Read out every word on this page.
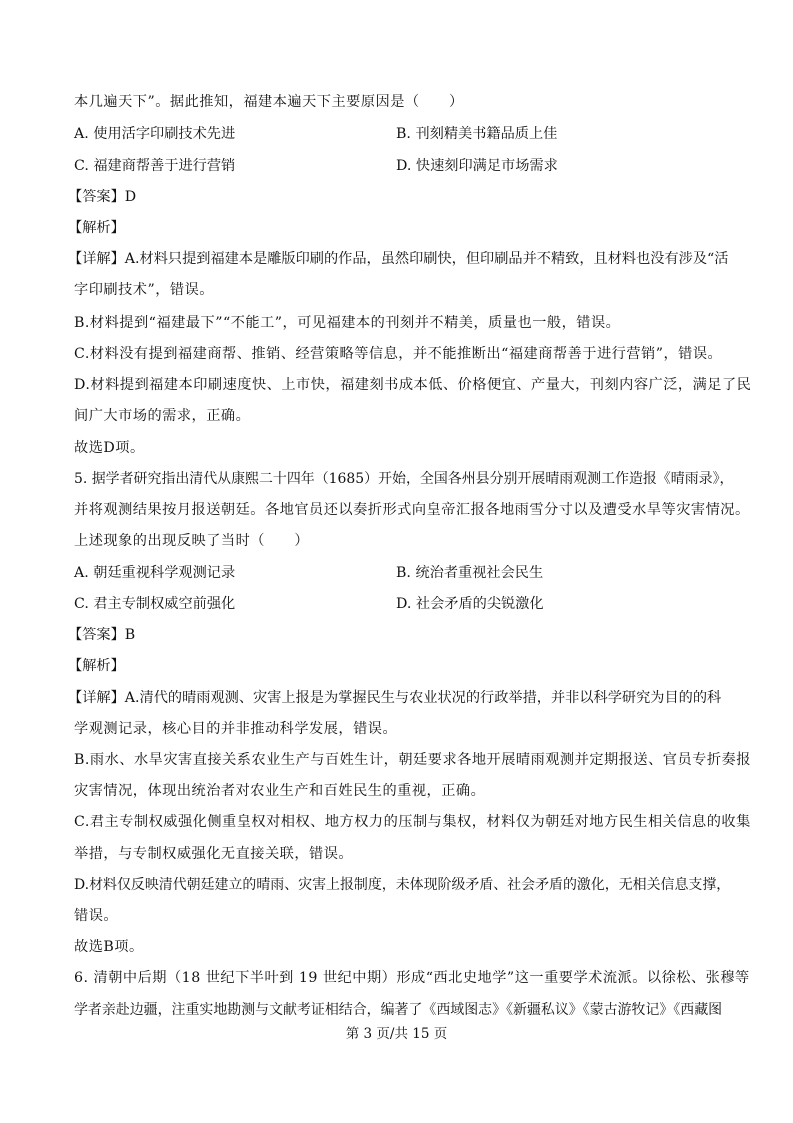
本几遍天下”。据此推知，福建本遍天下主要原因是（　　）
A. 使用活字印刷技术先进	B. 刊刻精美书籍品质上佳
C. 福建商帮善于进行营销	D. 快速刻印满足市场需求
【答案】D
【解析】
【详解】A.材料只提到福建本是雕版印刷的作品，虽然印刷快，但印刷品并不精致，且材料也没有涉及“活
字印刷技术”，错误。
B.材料提到“福建最下”“不能工”，可见福建本的刊刻并不精美，质量也一般，错误。
C.材料没有提到福建商帮、推销、经营策略等信息，并不能推断出“福建商帮善于进行营销”，错误。
D.材料提到福建本印刷速度快、上市快，福建刻书成本低、价格便宜、产量大，刊刻内容广泛，满足了民
间广大市场的需求，正确。
故选D项。
5. 据学者研究指出清代从康熙二十四年（1685）开始，全国各州县分别开展晴雨观测工作造报《晴雨录》，
并将观测结果按月报送朝廷。各地官员还以奏折形式向皇帝汇报各地雨雪分寸以及遭受水旱等灾害情况。
上述现象的出现反映了当时（　　）
A. 朝廷重视科学观测记录	B. 统治者重视社会民生
C. 君主专制权威空前强化	D. 社会矛盾的尖锐激化
【答案】B
【解析】
【详解】A.清代的晴雨观测、灾害上报是为掌握民生与农业状况的行政举措，并非以科学研究为目的的科
学观测记录，核心目的并非推动科学发展，错误。
B.雨水、水旱灾害直接关系农业生产与百姓生计，朝廷要求各地开展晴雨观测并定期报送、官员专折奏报
灾害情况，体现出统治者对农业生产和百姓民生的重视，正确。
C.君主专制权威强化侧重皇权对相权、地方权力的压制与集权，材料仅为朝廷对地方民生相关信息的收集
举措，与专制权威强化无直接关联，错误。
D.材料仅反映清代朝廷建立的晴雨、灾害上报制度，未体现阶级矛盾、社会矛盾的激化，无相关信息支撑，
错误。
故选B项。
6. 清朝中后期（18 世纪下半叶到 19 世纪中期）形成“西北史地学”这一重要学术流派。以徐松、张穆等
学者亲赴边疆，注重实地勘测与文献考证相结合，编著了《西域图志》《新疆私议》《蒙古游牧记》《西藏图
第 3 页/共 15 页
